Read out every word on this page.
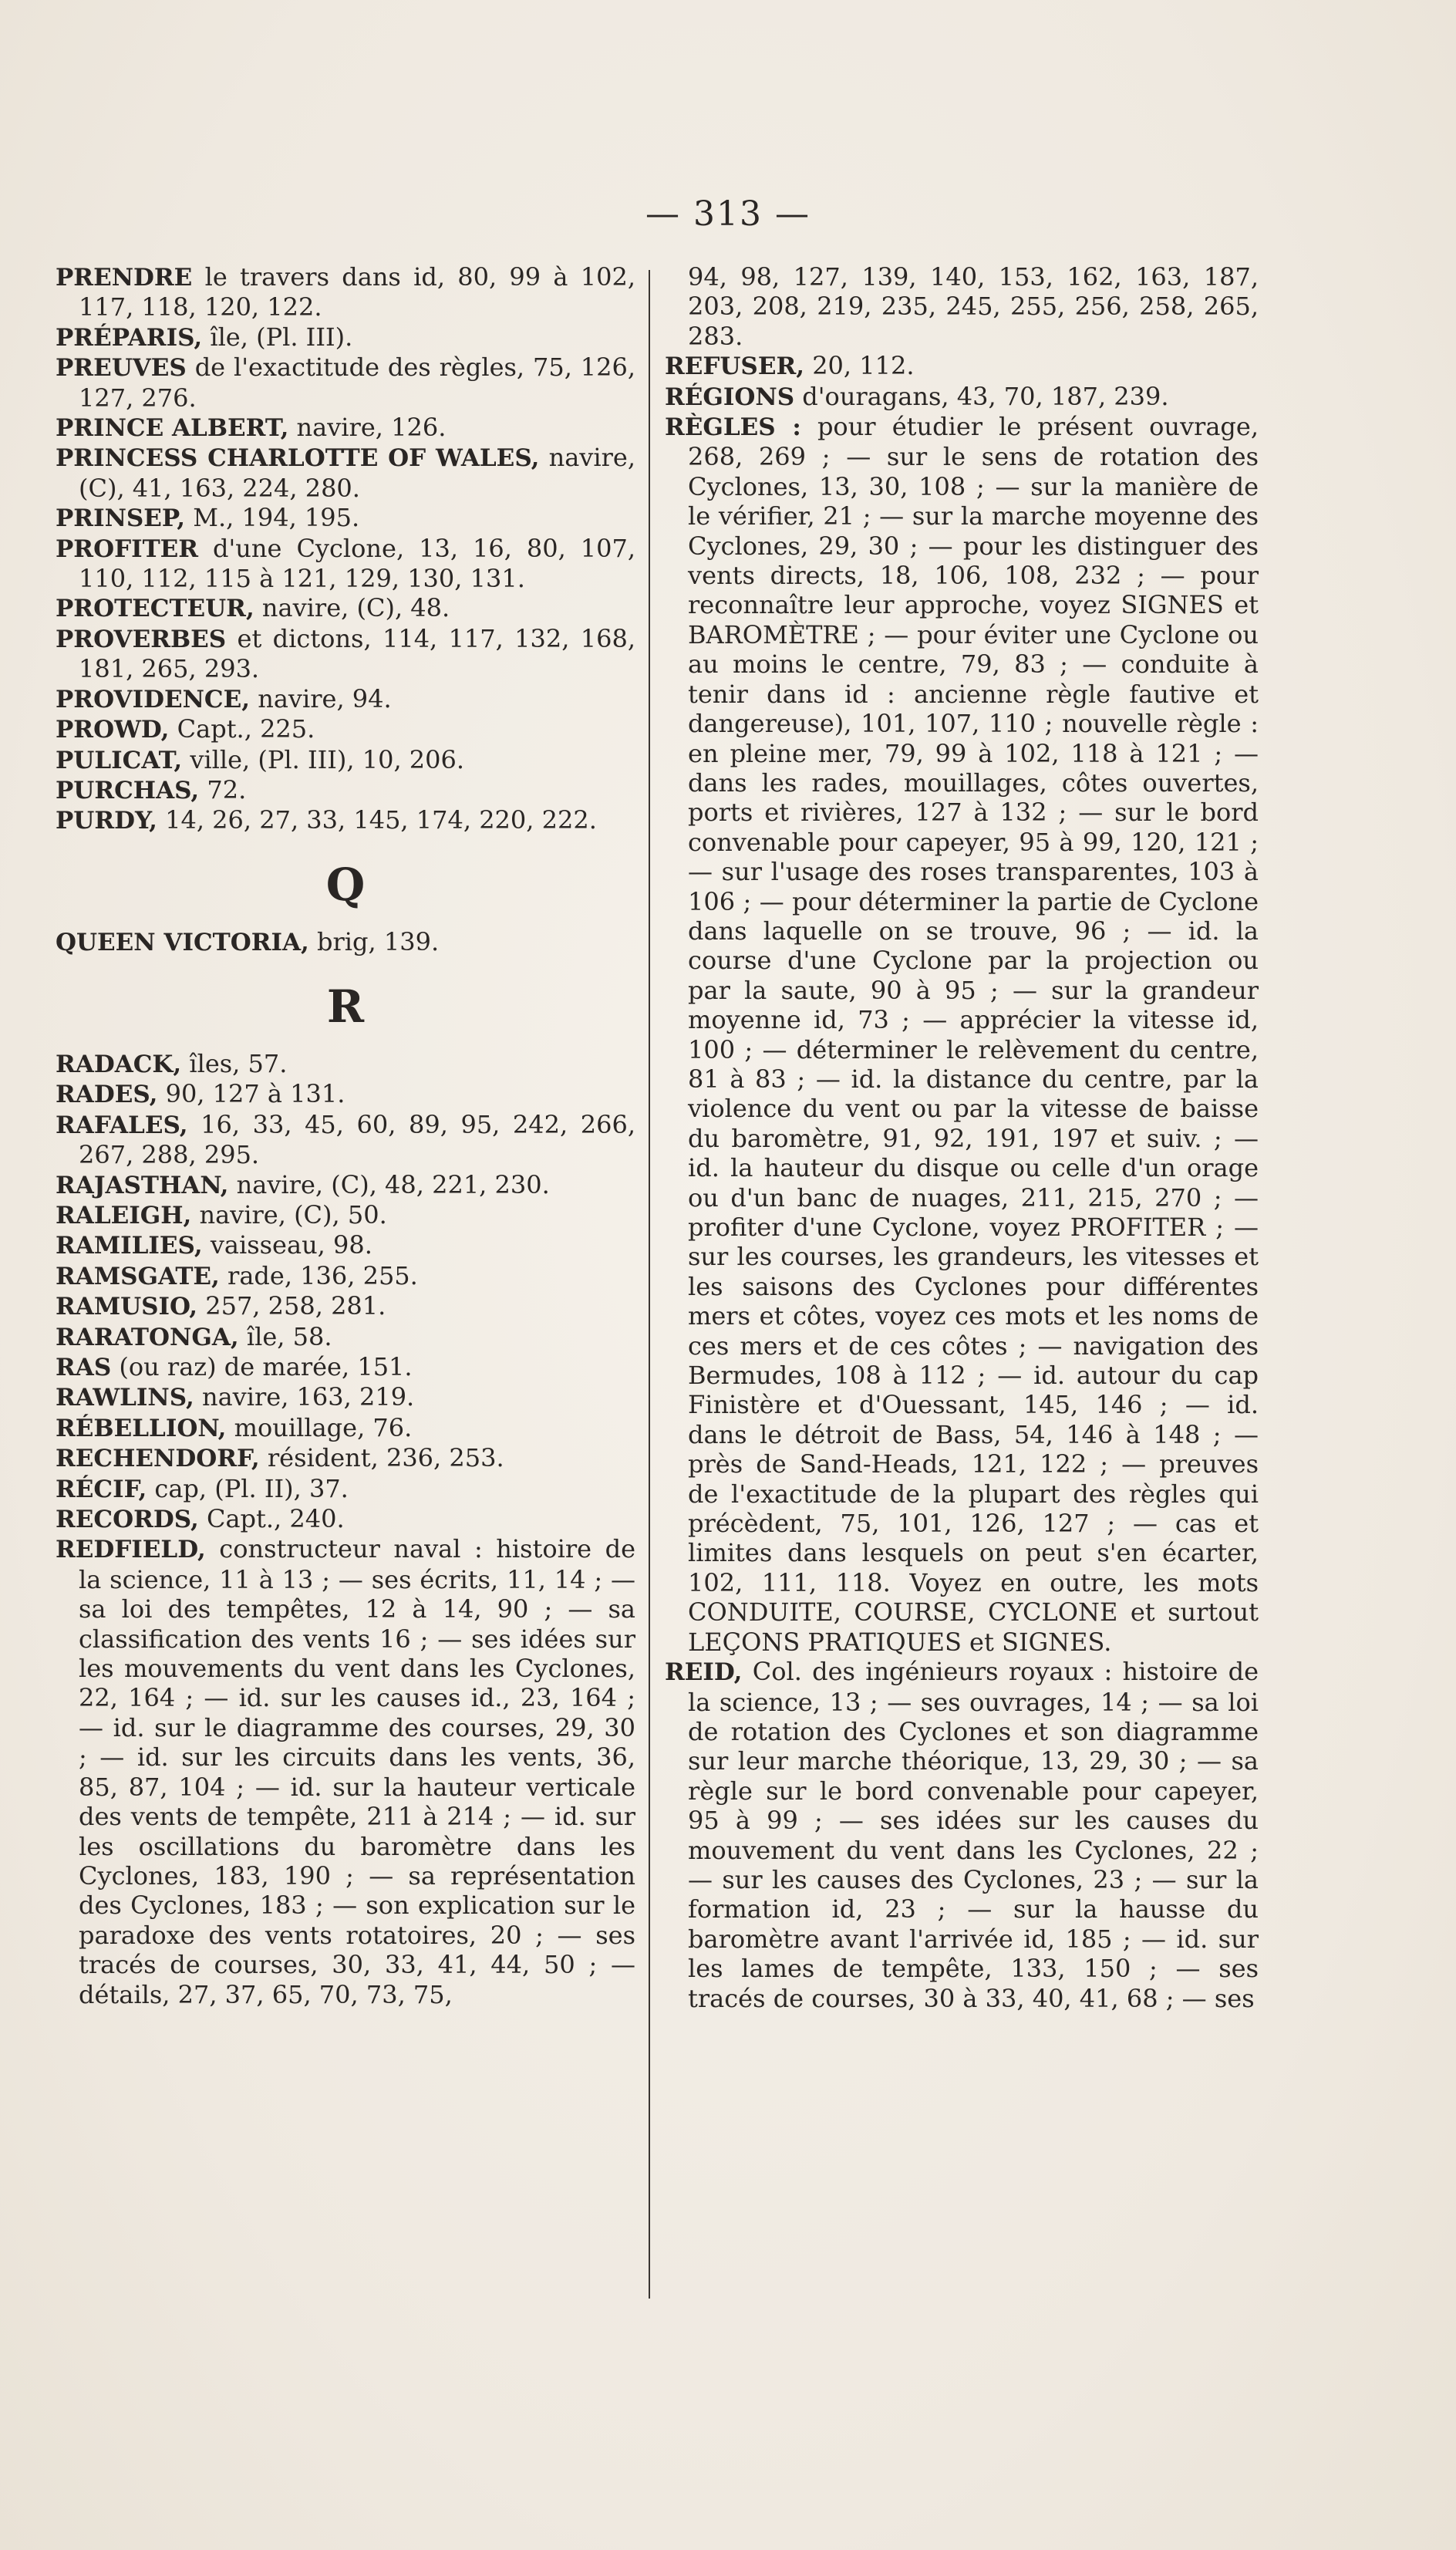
— 313 —

PRENDRE le travers dans id, 80, 99 à 102, 117, 118, 120, 122.

PRÉPARIS, île, (Pl. III).

PREUVES de l'exactitude des règles, 75, 126, 127, 276.

PRINCE ALBERT, navire, 126.

PRINCESS CHARLOTTE OF WALES, navire, (C), 41, 163, 224, 280.

PRINSEP, M., 194, 195.

PROFITER d'une Cyclone, 13, 16, 80, 107, 110, 112, 115 à 121, 129, 130, 131.

PROTECTEUR, navire, (C), 48.

PROVERBES et dictons, 114, 117, 132, 168, 181, 265, 293.

PROVIDENCE, navire, 94.

PROWD, Capt., 225.

PULICAT, ville, (Pl. III), 10, 206.

PURCHAS, 72.

PURDY, 14, 26, 27, 33, 145, 174, 220, 222.

Q

QUEEN VICTORIA, brig, 139.

R

RADACK, îles, 57.

RADES, 90, 127 à 131.

RAFALES, 16, 33, 45, 60, 89, 95, 242, 266, 267, 288, 295.

RAJASTHAN, navire, (C), 48, 221, 230.

RALEIGH, navire, (C), 50.

RAMILIES, vaisseau, 98.

RAMSGATE, rade, 136, 255.

RAMUSIO, 257, 258, 281.

RARATONGA, île, 58.

RAS (ou raz) de marée, 151.

RAWLINS, navire, 163, 219.

RÉBELLION, mouillage, 76.

RECHENDORF, résident, 236, 253.

RÉCIF, cap, (Pl. II), 37.

RECORDS, Capt., 240.

REDFIELD, constructeur naval : histoire de la science, 11 à 13 ; — ses écrits, 11, 14 ; — sa loi des tempêtes, 12 à 14, 90 ; — sa classification des vents 16 ; — ses idées sur les mouvements du vent dans les Cyclones, 22, 164 ; — id. sur les causes id., 23, 164 ; — id. sur le diagramme des courses, 29, 30 ; — id. sur les circuits dans les vents, 36, 85, 87, 104 ; — id. sur la hauteur verticale des vents de tempête, 211 à 214 ; — id. sur les oscillations du baromètre dans les Cyclones, 183, 190 ; — sa représentation des Cyclones, 183 ; — son explication sur le paradoxe des vents rotatoires, 20 ; — ses tracés de courses, 30, 33, 41, 44, 50 ; — détails, 27, 37, 65, 70, 73, 75,

94, 98, 127, 139, 140, 153, 162, 163, 187, 203, 208, 219, 235, 245, 255, 256, 258, 265, 283.

REFUSER, 20, 112.

RÉGIONS d'ouragans, 43, 70, 187, 239.

RÈGLES : pour étudier le présent ouvrage, 268, 269 ; — sur le sens de rotation des Cyclones, 13, 30, 108 ; — sur la manière de le vérifier, 21 ; — sur la marche moyenne des Cyclones, 29, 30 ; — pour les distinguer des vents directs, 18, 106, 108, 232 ; — pour reconnaître leur approche, voyez SIGNES et BAROMÈTRE ; — pour éviter une Cyclone ou au moins le centre, 79, 83 ; — conduite à tenir dans id : ancienne règle fautive et dangereuse), 101, 107, 110 ; nouvelle règle : en pleine mer, 79, 99 à 102, 118 à 121 ; — dans les rades, mouillages, côtes ouvertes, ports et rivières, 127 à 132 ; — sur le bord convenable pour capeyer, 95 à 99, 120, 121 ; — sur l'usage des roses transparentes, 103 à 106 ; — pour déterminer la partie de Cyclone dans laquelle on se trouve, 96 ; — id. la course d'une Cyclone par la projection ou par la saute, 90 à 95 ; — sur la grandeur moyenne id, 73 ; — apprécier la vitesse id, 100 ; — déterminer le relèvement du centre, 81 à 83 ; — id. la distance du centre, par la violence du vent ou par la vitesse de baisse du baromètre, 91, 92, 191, 197 et suiv. ; — id. la hauteur du disque ou celle d'un orage ou d'un banc de nuages, 211, 215, 270 ; — profiter d'une Cyclone, voyez PROFITER ; — sur les courses, les grandeurs, les vitesses et les saisons des Cyclones pour différentes mers et côtes, voyez ces mots et les noms de ces mers et de ces côtes ; — navigation des Bermudes, 108 à 112 ; — id. autour du cap Finistère et d'Ouessant, 145, 146 ; — id. dans le détroit de Bass, 54, 146 à 148 ; — près de Sand-Heads, 121, 122 ; — preuves de l'exactitude de la plupart des règles qui précèdent, 75, 101, 126, 127 ; — cas et limites dans lesquels on peut s'en écarter, 102, 111, 118. Voyez en outre, les mots CONDUITE, COURSE, CYCLONE et surtout LEÇONS PRATIQUES et SIGNES.

REID, Col. des ingénieurs royaux : histoire de la science, 13 ; — ses ouvrages, 14 ; — sa loi de rotation des Cyclones et son diagramme sur leur marche théorique, 13, 29, 30 ; — sa règle sur le bord convenable pour capeyer, 95 à 99 ; — ses idées sur les causes du mouvement du vent dans les Cyclones, 22 ; — sur les causes des Cyclones, 23 ; — sur la formation id, 23 ; — sur la hausse du baromètre avant l'arrivée id, 185 ; — id. sur les lames de tempête, 133, 150 ; — ses tracés de courses, 30 à 33, 40, 41, 68 ; — ses
